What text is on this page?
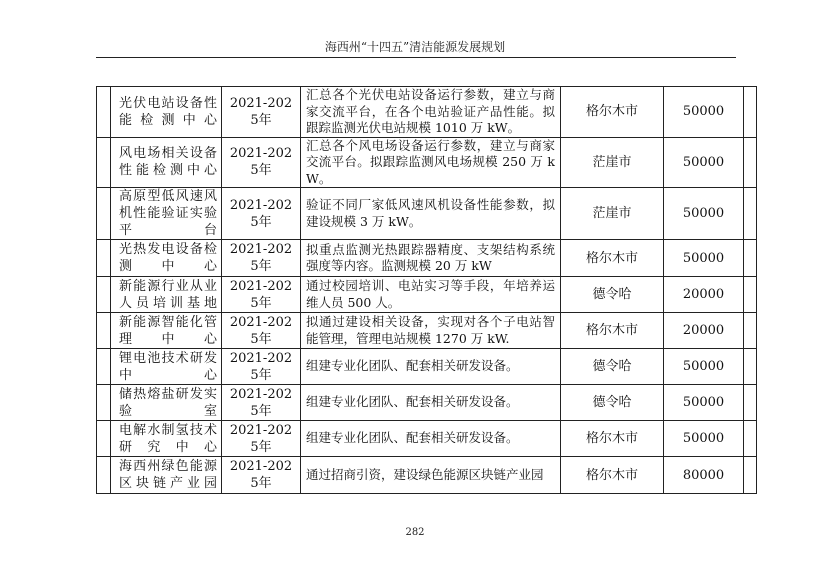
海西州“十四五”清洁能源发展规划
	光伏电站设备性能检测中心	2021-2025年	汇总各个光伏电站设备运行参数，建立与商家交流平台，在各个电站验证产品性能。拟跟踪监测光伏电站规模 1010 万 kW。	格尔木市	50000	
	风电场相关设备性能检测中心	2021-2025年	汇总各个风电场设备运行参数，建立与商家交流平台。拟跟踪监测风电场规模 250 万 kW。	茫崖市	50000	
	高原型低风速风机性能验证实验平台	2021-2025年	验证不同厂家低风速风机设备性能参数，拟建设规模 3 万 kW。	茫崖市	50000	
	光热发电设备检测中心	2021-2025年	拟重点监测光热跟踪器精度、支架结构系统强度等内容。监测规模 20 万 kW	格尔木市	50000	
	新能源行业从业人员培训基地	2021-2025年	通过校园培训、电站实习等手段，年培养运维人员 500 人。	德令哈	20000	
	新能源智能化管理中心	2021-2025年	拟通过建设相关设备，实现对各个子电站智能管理，管理电站规模 1270 万 kW.	格尔木市	20000	
	锂电池技术研发中心	2021-2025年	组建专业化团队、配套相关研发设备。	德令哈	50000	
	储热熔盐研发实验室	2021-2025年	组建专业化团队、配套相关研发设备。	德令哈	50000	
	电解水制氢技术研究中心	2021-2025年	组建专业化团队、配套相关研发设备。	格尔木市	50000	
	海西州绿色能源区块链产业园	2021-2025年	通过招商引资，建设绿色能源区块链产业园	格尔木市	80000	
282
